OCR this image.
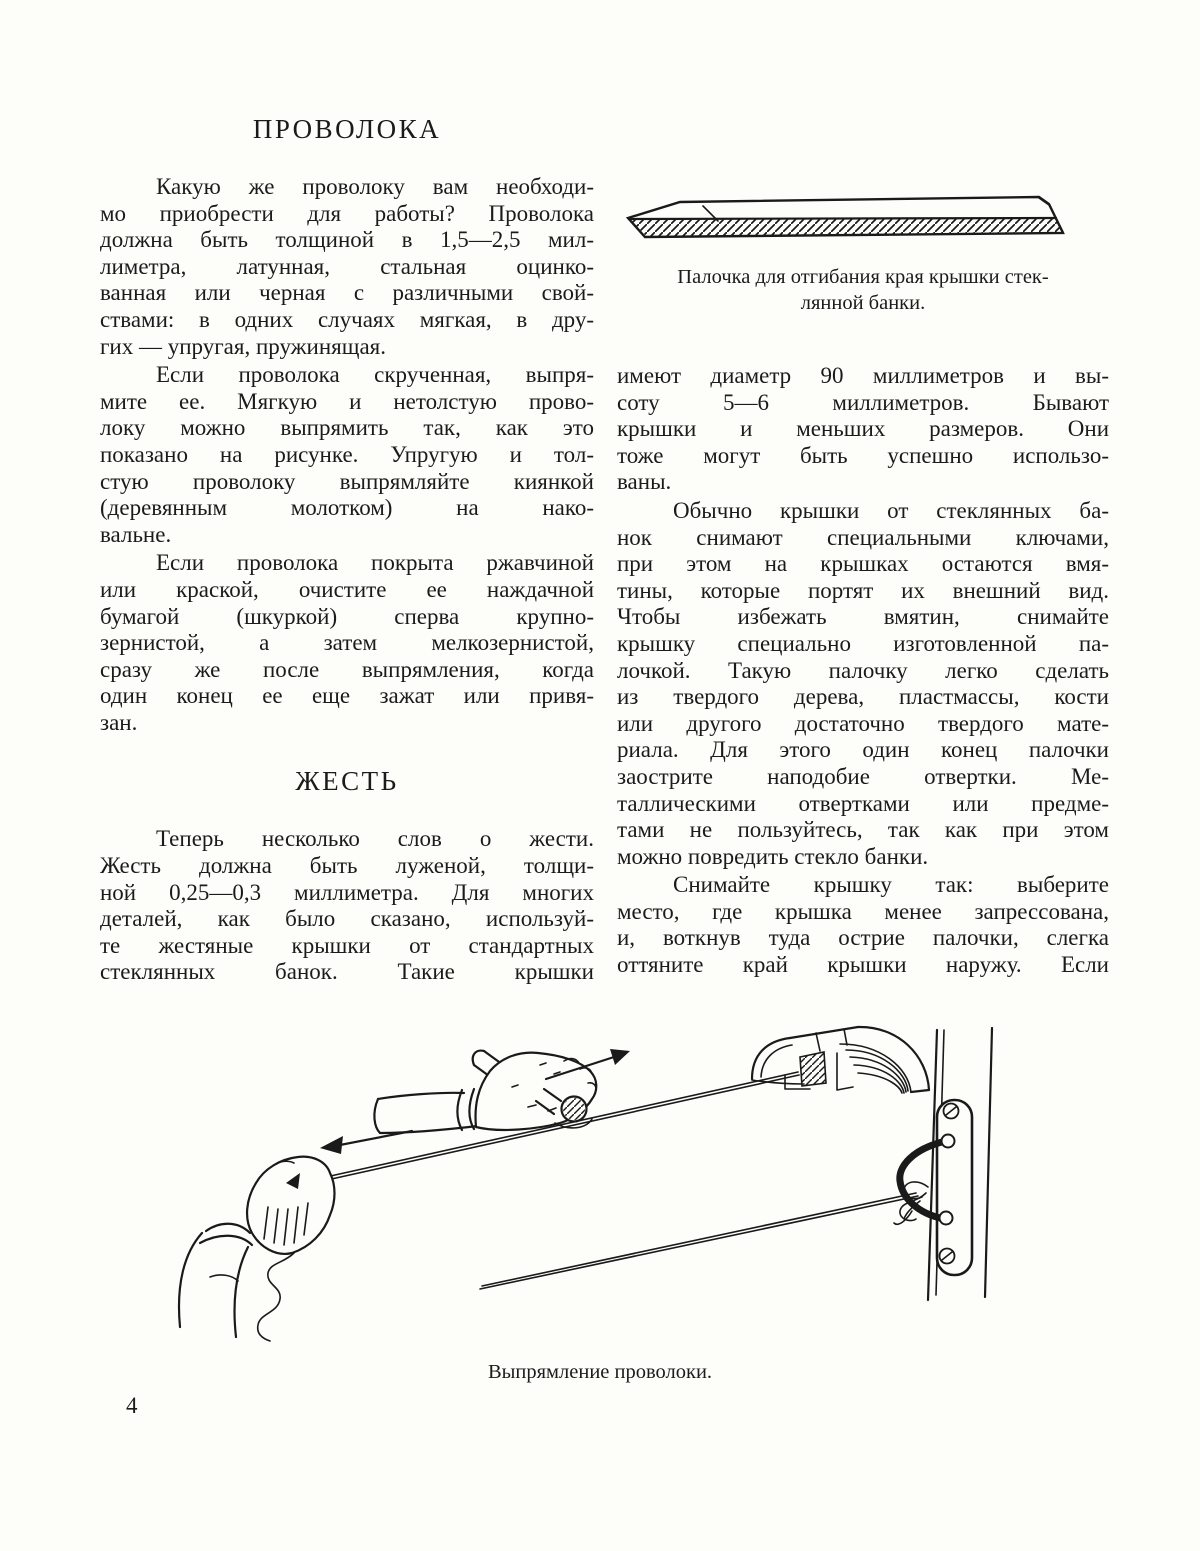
ПРОВОЛОКА
Какую же проволоку вам необходи-
мо приобрести для работы? Проволока
должна быть толщиной в 1,5—2,5 мил-
лиметра, латунная, стальная оцинко-
ванная или черная с различными свой-
ствами: в одних случаях мягкая, в дру-
гих — упругая, пружинящая.
Если проволока скрученная, выпря-
мите ее. Мягкую и нетолстую прово-
локу можно выпрямить так, как это
показано на рисунке. Упругую и тол-
стую проволоку выпрямляйте киянкой
(деревянным молотком) на нако-
вальне.
Если проволока покрыта ржавчиной
или краской, очистите ее наждачной
бумагой (шкуркой) сперва крупно-
зернистой, а затем мелкозернистой,
сразу же после выпрямления, когда
один конец ее еще зажат или привя-
зан.
ЖЕСТЬ
Теперь несколько слов о жести.
Жесть должна быть луженой, толщи-
ной 0,25—0,3 миллиметра. Для многих
деталей, как было сказано, используй-
те жестяные крышки от стандартных
стеклянных банок. Такие крышки
Палочка для отгибания края крышки стек-
лянной банки.
имеют диаметр 90 миллиметров и вы-
соту 5—6 миллиметров. Бывают
крышки и меньших размеров. Они
тоже могут быть успешно использо-
ваны.
Обычно крышки от стеклянных ба-
нок снимают специальными ключами,
при этом на крышках остаются вмя-
тины, которые портят их внешний вид.
Чтобы избежать вмятин, снимайте
крышку специально изготовленной па-
лочкой. Такую палочку легко сделать
из твердого дерева, пластмассы, кости
или другого достаточно твердого мате-
риала. Для этого один конец палочки
заострите наподобие отвертки. Ме-
таллическими отвертками или предме-
тами не пользуйтесь, так как при этом
можно повредить стекло банки.
Снимайте крышку так: выберите
место, где крышка менее запрессована,
и, воткнув туда острие палочки, слегка
оттяните край крышки наружу. Если
Выпрямление проволоки.
4
